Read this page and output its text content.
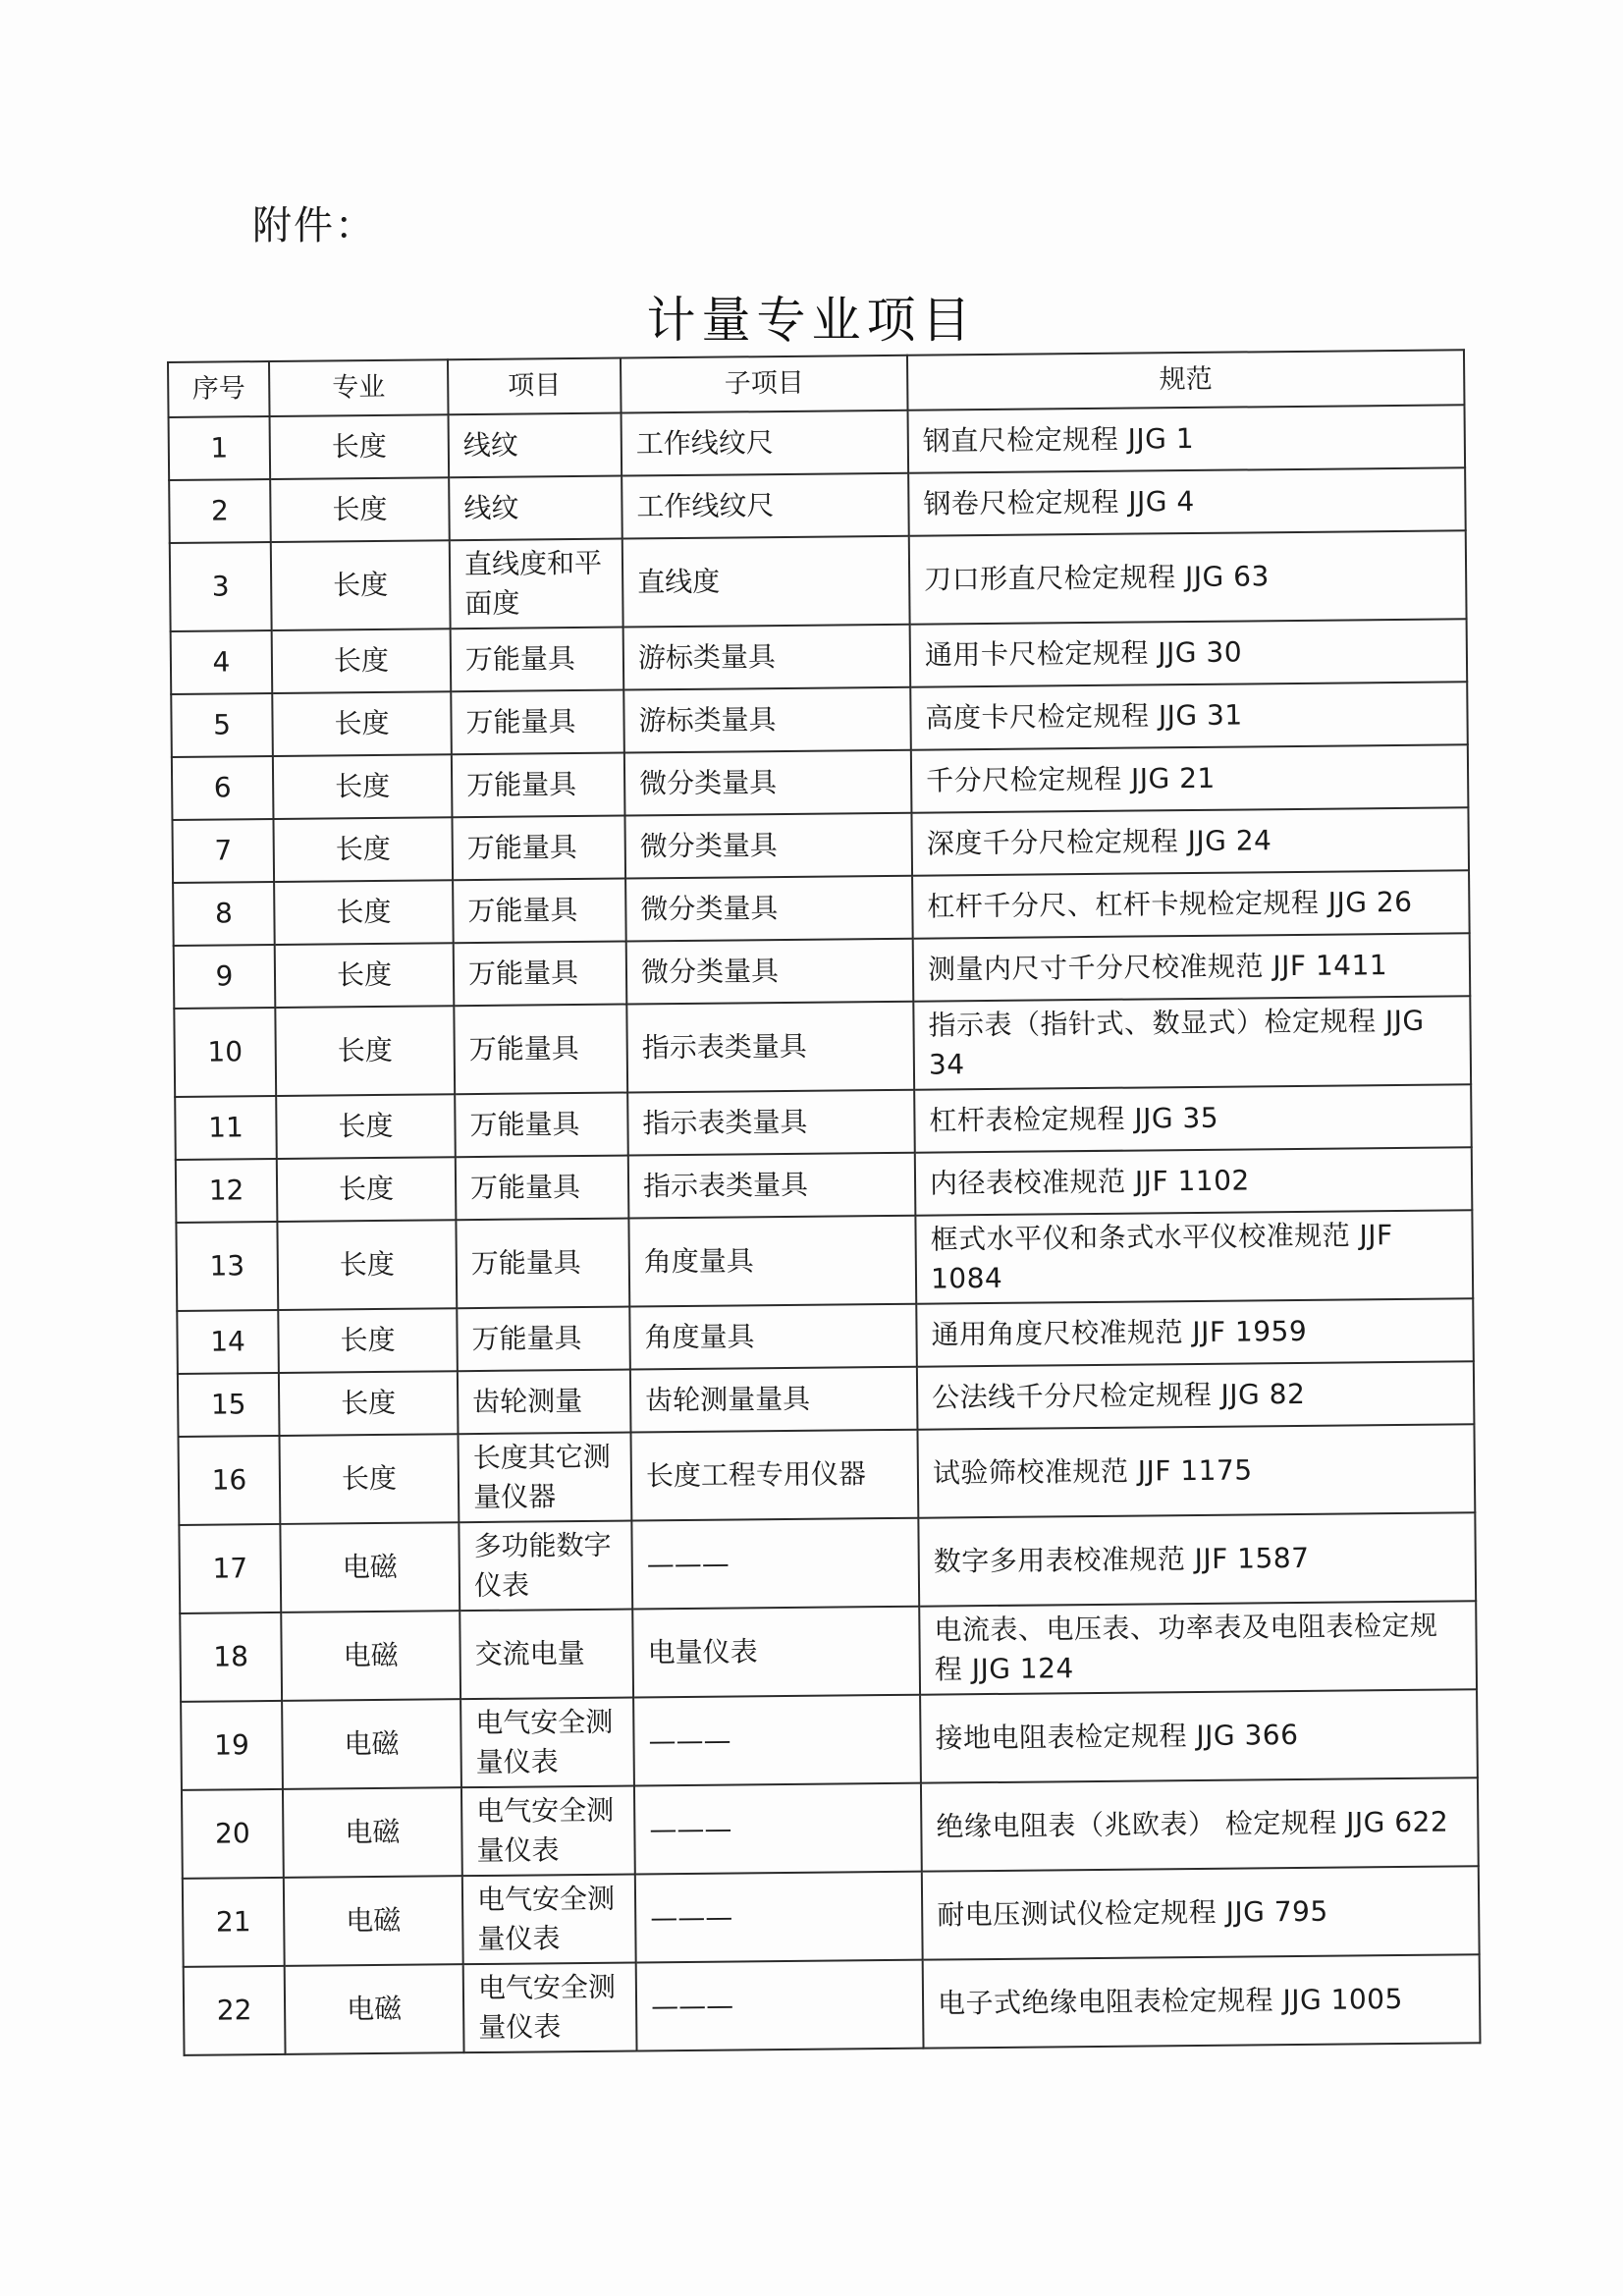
附件：
计量专业项目
序号	专业	项目	子项目	规范
1	长度	线纹	工作线纹尺	钢直尺检定规程 JJG 1
2	长度	线纹	工作线纹尺	钢卷尺检定规程 JJG 4
3	长度	直线度和平面度	直线度	刀口形直尺检定规程 JJG 63
4	长度	万能量具	游标类量具	通用卡尺检定规程 JJG 30
5	长度	万能量具	游标类量具	高度卡尺检定规程 JJG 31
6	长度	万能量具	微分类量具	千分尺检定规程 JJG 21
7	长度	万能量具	微分类量具	深度千分尺检定规程 JJG 24
8	长度	万能量具	微分类量具	杠杆千分尺、杠杆卡规检定规程 JJG 26
9	长度	万能量具	微分类量具	测量内尺寸千分尺校准规范 JJF 1411
10	长度	万能量具	指示表类量具	指示表（指针式、数显式）检定规程 JJG 34
11	长度	万能量具	指示表类量具	杠杆表检定规程 JJG 35
12	长度	万能量具	指示表类量具	内径表校准规范 JJF 1102
13	长度	万能量具	角度量具	框式水平仪和条式水平仪校准规范 JJF 1084
14	长度	万能量具	角度量具	通用角度尺校准规范 JJF 1959
15	长度	齿轮测量	齿轮测量量具	公法线千分尺检定规程 JJG 82
16	长度	长度其它测量仪器	长度工程专用仪器	试验筛校准规范 JJF 1175
17	电磁	多功能数字仪表	———	数字多用表校准规范 JJF 1587
18	电磁	交流电量	电量仪表	电流表、电压表、功率表及电阻表检定规程 JJG 124
19	电磁	电气安全测量仪表	———	接地电阻表检定规程 JJG 366
20	电磁	电气安全测量仪表	———	绝缘电阻表（兆欧表） 检定规程 JJG 622
21	电磁	电气安全测量仪表	———	耐电压测试仪检定规程 JJG 795
22	电磁	电气安全测量仪表	———	电子式绝缘电阻表检定规程 JJG 1005
